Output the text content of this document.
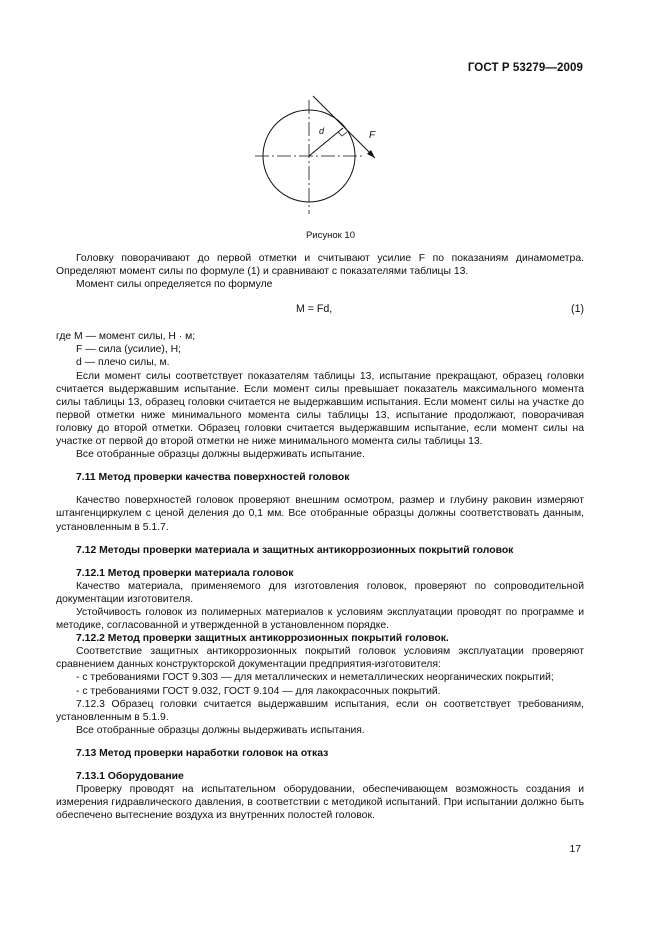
ГОСТ Р 53279—2009
d	F
Рисунок 10

Головку поворачивают до первой отметки и считывают усилие F по показаниям динамометра. Определяют момент силы по формуле (1) и сравнивают с показателями таблицы 13.

Момент силы определяется по формуле

M = Fd,	(1)

где M — момент силы, Н · м;

F — сила (усилие), Н;

d — плечо силы, м.

Если момент силы соответствует показателям таблицы 13, испытание прекращают, образец головки считается выдержавшим испытание. Если момент силы превышает показатель максимального момента силы таблицы 13, образец головки считается не выдержавшим испытания. Если момент силы на участке до первой отметки ниже минимального момента силы таблицы 13, испытание продолжают, поворачивая головку до второй отметки. Образец головки считается выдержавшим испытание, если момент силы на участке от первой до второй отметки не ниже минимального момента силы таблицы 13.

Все отобранные образцы должны выдерживать испытание.

7.11 Метод проверки качества поверхностей головок

Качество поверхностей головок проверяют внешним осмотром, размер и глубину раковин измеряют штангенциркулем с ценой деления до 0,1 мм. Все отобранные образцы должны соответствовать данным, установленным в 5.1.7.

7.12 Методы проверки материала и защитных антикоррозионных покрытий головок

7.12.1 Метод проверки материала головок

Качество материала, применяемого для изготовления головок, проверяют по сопроводительной документации изготовителя.

Устойчивость головок из полимерных материалов к условиям эксплуатации проводят по программе и методике, согласованной и утвержденной в установленном порядке.

7.12.2 Метод проверки защитных антикоррозионных покрытий головок.

Соответствие защитных антикоррозионных покрытий головок условиям эксплуатации проверяют сравнением данных конструкторской документации предприятия-изготовителя:

- с требованиями ГОСТ 9.303 — для металлических и неметаллических неорганических покрытий;

- с требованиями ГОСТ 9.032, ГОСТ 9.104 — для лакокрасочных покрытий.

7.12.3 Образец головки считается выдержавшим испытания, если он соответствует требованиям, установленным в 5.1.9.

Все отобранные образцы должны выдерживать испытания.

7.13 Метод проверки наработки головок на отказ

7.13.1 Оборудование

Проверку проводят на испытательном оборудовании, обеспечивающем возможность создания и измерения гидравлического давления, в соответствии с методикой испытаний. При испытании должно быть обеспечено вытеснение воздуха из внутренних полостей головок.

17
